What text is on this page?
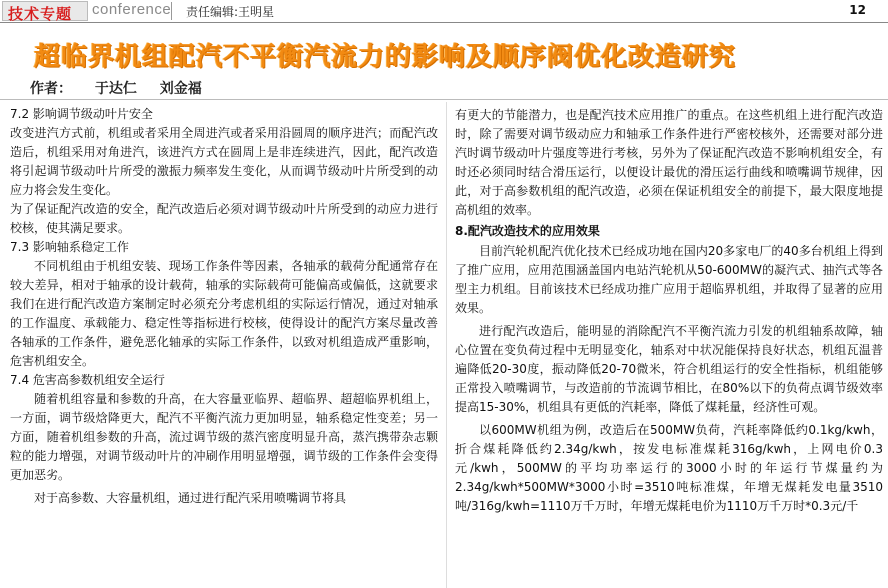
技术专题 conference 责任编辑:王明星	12
超临界机组配汽不平衡汽流力的影响及顺序阀优化改造研究
作者： 于达仁 刘金福

7.2 影响调节级动叶片安全

改变进汽方式前，机组或者采用全周进汽或者采用沿圆周的顺序进汽；而配汽改造后，机组采用对角进汽，该进汽方式在圆周上是非连续进汽，因此，配汽改造将引起调节级动叶片所受的激振力频率发生变化，从而调节级动叶片所受到的动应力将会发生变化。

为了保证配汽改造的安全，配汽改造后必须对调节级动叶片所受到的动应力进行校核，使其满足要求。

7.3 影响轴系稳定工作

不同机组由于机组安装、现场工作条件等因素，各轴承的载荷分配通常存在较大差异，相对于轴承的设计载荷，轴承的实际载荷可能偏高或偏低，这就要求我们在进行配汽改造方案制定时必须充分考虑机组的实际运行情况，通过对轴承的工作温度、承载能力、稳定性等指标进行校核，使得设计的配汽方案尽量改善各轴承的工作条件，避免恶化轴承的实际工作条件，以致对机组造成严重影响，危害机组安全。

7.4 危害高参数机组安全运行

随着机组容量和参数的升高，在大容量亚临界、超临界、超超临界机组上，一方面，调节级焓降更大，配汽不平衡汽流力更加明显，轴系稳定性变差；另一方面，随着机组参数的升高，流过调节级的蒸汽密度明显升高，蒸汽携带杂志颗粒的能力增强，对调节级动叶片的冲刷作用明显增强，调节级的工作条件会变得更加恶劣。

对于高参数、大容量机组，通过进行配汽采用喷嘴调节将具

有更大的节能潜力，也是配汽技术应用推广的重点。在这些机组上进行配汽改造时，除了需要对调节级动应力和轴承工作条件进行严密校核外，还需要对部分进汽时调节级动叶片强度等进行考核，另外为了保证配汽改造不影响机组安全，有时还必须同时结合滑压运行，以便设计最优的滑压运行曲线和喷嘴调节规律，因此，对于高参数机组的配汽改造，必须在保证机组安全的前提下，最大限度地提高机组的效率。

8.配汽改造技术的应用效果

目前汽轮机配汽优化技术已经成功地在国内20多家电厂的40多台机组上得到了推广应用，应用范围涵盖国内电站汽轮机从50-600MW的凝汽式、抽汽式等各型主力机组。目前该技术已经成功推广应用于超临界机组，并取得了显著的应用效果。

进行配汽改造后，能明显的消除配汽不平衡汽流力引发的机组轴系故障，轴心位置在变负荷过程中无明显变化，轴系对中状况能保持良好状态，机组瓦温普遍降低20-30度，振动降低20-70微米，符合机组运行的安全性指标，机组能够正常投入喷嘴调节，与改造前的节流调节相比，在80%以下的负荷点调节级效率提高15-30%，机组具有更低的汽耗率，降低了煤耗量，经济性可观。

以600MW机组为例，改造后在500MW负荷，汽耗率降低约0.1kg/kwh，折合煤耗降低约2.34g/kwh，按发电标准煤耗316g/kwh，上网电价0.3元/kwh，500MW的平均功率运行的3000小时的年运行节煤量约为2.34g/kwh*500MW*3000小时=3510吨标准煤，年增无煤耗发电量3510吨/316g/kwh=1110万千万时，年增无煤耗电价为1110万千万时*0.3元/千
